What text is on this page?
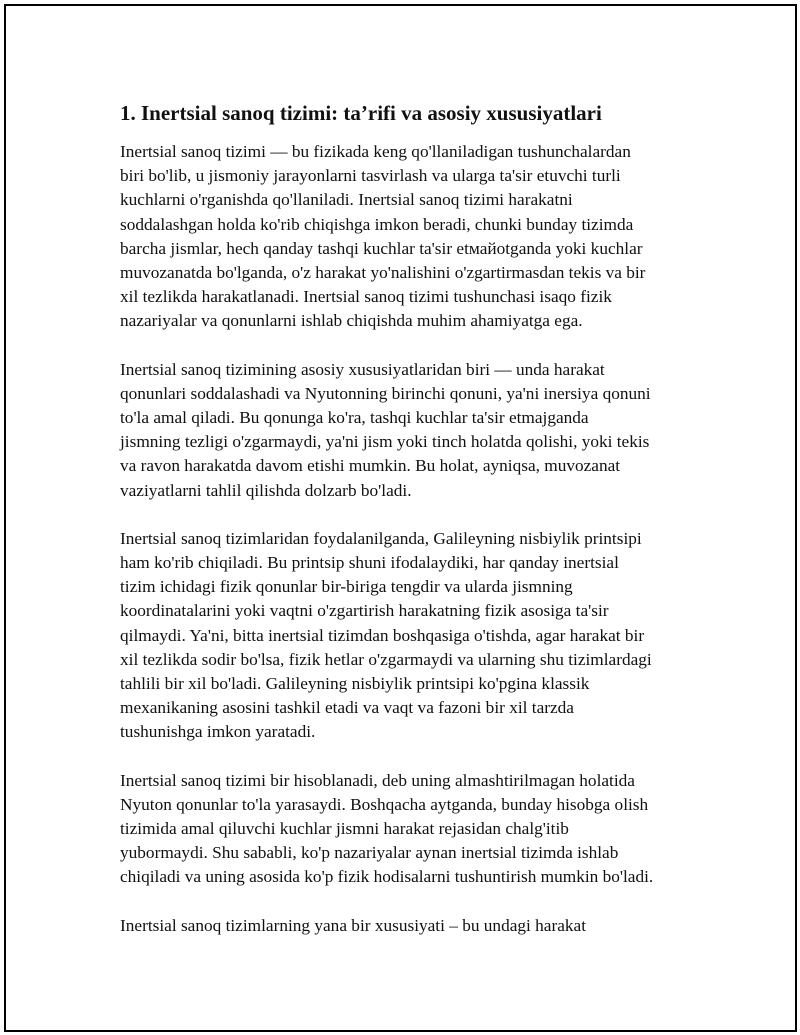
1. Inertsial sanoq tizimi: ta’rifi va asosiy xususiyatlari

Inertsial sanoq tizimi — bu fizikada keng qo'llaniladigan tushunchalardan
biri bo'lib, u jismoniy jarayonlarni tasvirlash va ularga ta'sir etuvchi turli
kuchlarni o'rganishda qo'llaniladi. Inertsial sanoq tizimi harakatni
soddalashgan holda ko'rib chiqishga imkon beradi, chunki bunday tizimda
barcha jismlar, hech qanday tashqi kuchlar ta'sir etмайotganda yoki kuchlar
muvozanatda bo'lganda, o'z harakat yo'nalishini o'zgartirmasdan tekis va bir
xil tezlikda harakatlanadi. Inertsial sanoq tizimi tushunchasi isaqo fizik
nazariyalar va qonunlarni ishlab chiqishda muhim ahamiyatga ega.

Inertsial sanoq tizimining asosiy xususiyatlaridan biri — unda harakat
qonunlari soddalashadi va Nyutonning birinchi qonuni, ya'ni inersiya qonuni
to'la amal qiladi. Bu qonunga ko'ra, tashqi kuchlar ta'sir etmajganda
jismning tezligi o'zgarmaydi, ya'ni jism yoki tinch holatda qolishi, yoki tekis
va ravon harakatda davom etishi mumkin. Bu holat, ayniqsa, muvozanat
vaziyatlarni tahlil qilishda dolzarb bo'ladi.

Inertsial sanoq tizimlaridan foydalanilganda, Galileyning nisbiylik printsipi
ham ko'rib chiqiladi. Bu printsip shuni ifodalaydiki, har qanday inertsial
tizim ichidagi fizik qonunlar bir-biriga tengdir va ularda jismning
koordinatalarini yoki vaqtni o'zgartirish harakatning fizik asosiga ta'sir
qilmaydi. Ya'ni, bitta inertsial tizimdan boshqasiga o'tishda, agar harakat bir
xil tezlikda sodir bo'lsa, fizik hetlar o'zgarmaydi va ularning shu tizimlardagi
tahlili bir xil bo'ladi. Galileyning nisbiylik printsipi ko'pgina klassik
mexanikaning asosini tashkil etadi va vaqt va fazoni bir xil tarzda
tushunishga imkon yaratadi.

Inertsial sanoq tizimi bir hisoblanadi, deb uning almashtirilmagan holatida
Nyuton qonunlar to'la yarasaydi. Boshqacha aytganda, bunday hisobga olish
tizimida amal qiluvchi kuchlar jismni harakat rejasidan chalg'itib
yubormaydi. Shu sababli, ko'p nazariyalar aynan inertsial tizimda ishlab
chiqiladi va uning asosida ko'p fizik hodisalarni tushuntirish mumkin bo'ladi.

Inertsial sanoq tizimlarning yana bir xususiyati – bu undagi harakat
